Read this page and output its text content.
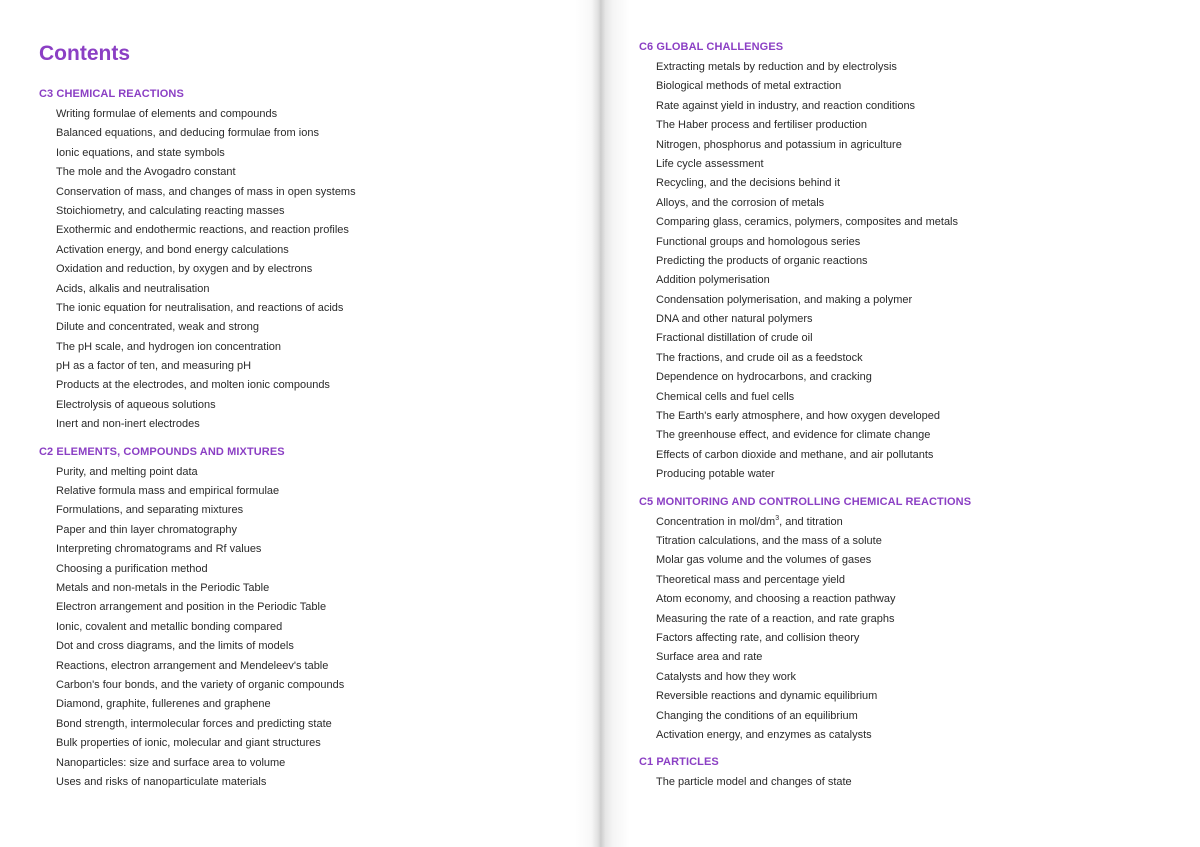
Contents
C3 CHEMICAL REACTIONS
Writing formulae of elements and compounds
Balanced equations, and deducing formulae from ions
Ionic equations, and state symbols
The mole and the Avogadro constant
Conservation of mass, and changes of mass in open systems
Stoichiometry, and calculating reacting masses
Exothermic and endothermic reactions, and reaction profiles
Activation energy, and bond energy calculations
Oxidation and reduction, by oxygen and by electrons
Acids, alkalis and neutralisation
The ionic equation for neutralisation, and reactions of acids
Dilute and concentrated, weak and strong
The pH scale, and hydrogen ion concentration
pH as a factor of ten, and measuring pH
Products at the electrodes, and molten ionic compounds
Electrolysis of aqueous solutions
Inert and non-inert electrodes
C2 ELEMENTS, COMPOUNDS AND MIXTURES
Purity, and melting point data
Relative formula mass and empirical formulae
Formulations, and separating mixtures
Paper and thin layer chromatography
Interpreting chromatograms and Rf values
Choosing a purification method
Metals and non-metals in the Periodic Table
Electron arrangement and position in the Periodic Table
Ionic, covalent and metallic bonding compared
Dot and cross diagrams, and the limits of models
Reactions, electron arrangement and Mendeleev's table
Carbon's four bonds, and the variety of organic compounds
Diamond, graphite, fullerenes and graphene
Bond strength, intermolecular forces and predicting state
Bulk properties of ionic, molecular and giant structures
Nanoparticles: size and surface area to volume
Uses and risks of nanoparticulate materials
C6 GLOBAL CHALLENGES
Extracting metals by reduction and by electrolysis
Biological methods of metal extraction
Rate against yield in industry, and reaction conditions
The Haber process and fertiliser production
Nitrogen, phosphorus and potassium in agriculture
Life cycle assessment
Recycling, and the decisions behind it
Alloys, and the corrosion of metals
Comparing glass, ceramics, polymers, composites and metals
Functional groups and homologous series
Predicting the products of organic reactions
Addition polymerisation
Condensation polymerisation, and making a polymer
DNA and other natural polymers
Fractional distillation of crude oil
The fractions, and crude oil as a feedstock
Dependence on hydrocarbons, and cracking
Chemical cells and fuel cells
The Earth's early atmosphere, and how oxygen developed
The greenhouse effect, and evidence for climate change
Effects of carbon dioxide and methane, and air pollutants
Producing potable water
C5 MONITORING AND CONTROLLING CHEMICAL REACTIONS
Concentration in mol/$dm^3$, and titration
Titration calculations, and the mass of a solute
Molar gas volume and the volumes of gases
Theoretical mass and percentage yield
Atom economy, and choosing a reaction pathway
Measuring the rate of a reaction, and rate graphs
Factors affecting rate, and collision theory
Surface area and rate
Catalysts and how they work
Reversible reactions and dynamic equilibrium
Changing the conditions of an equilibrium
Activation energy, and enzymes as catalysts
C1 PARTICLES
The particle model and changes of state
